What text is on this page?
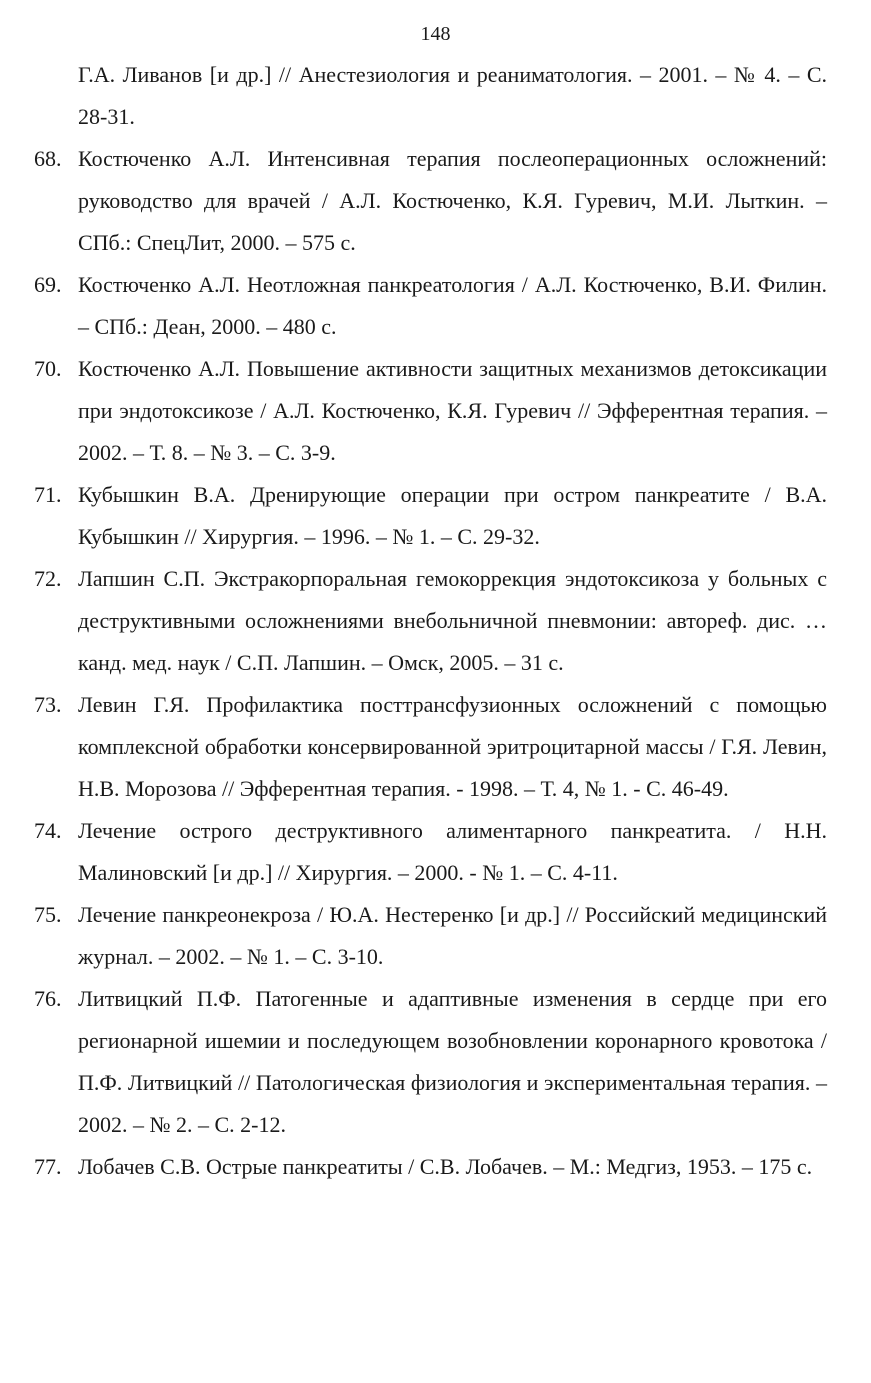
148
Г.А. Ливанов [и др.] // Анестезиология и реаниматология. – 2001. – № 4. – С. 28-31.
68. Костюченко А.Л. Интенсивная терапия послеоперационных осложнений: руководство для врачей / А.Л. Костюченко, К.Я. Гуревич, М.И. Лыткин. – СПб.: СпецЛит, 2000. – 575 с.
69. Костюченко А.Л. Неотложная панкреатология / А.Л. Костюченко, В.И. Филин. – СПб.: Деан, 2000. – 480 с.
70. Костюченко А.Л. Повышение активности защитных механизмов детоксикации при эндотоксикозе / А.Л. Костюченко, К.Я. Гуревич // Эфферентная терапия. – 2002. – Т. 8. – № 3. – С. 3-9.
71. Кубышкин В.А. Дренирующие операции при остром панкреатите / В.А. Кубышкин // Хирургия. – 1996. – № 1. – С. 29-32.
72. Лапшин С.П. Экстракорпоральная гемокоррекция эндотоксикоза у больных с деструктивными осложнениями внебольничной пневмонии: автореф. дис. … канд. мед. наук / С.П. Лапшин. – Омск, 2005. – 31 с.
73. Левин Г.Я. Профилактика посттрансфузионных осложнений с помощью комплексной обработки консервированной эритроцитарной массы / Г.Я. Левин, Н.В. Морозова // Эфферентная терапия. - 1998. – Т. 4, № 1. - С. 46-49.
74. Лечение острого деструктивного алиментарного панкреатита. / Н.Н. Малиновский [и др.] // Хирургия. – 2000. - № 1. – С. 4-11.
75. Лечение панкреонекроза / Ю.А. Нестеренко [и др.] // Российский медицинский журнал. – 2002. – № 1. – С. 3-10.
76. Литвицкий П.Ф. Патогенные и адаптивные изменения в сердце при его регионарной ишемии и последующем возобновлении коронарного кровотока / П.Ф. Литвицкий // Патологическая физиология и экспериментальная терапия. – 2002. – № 2. – С. 2-12.
77. Лобачев С.В. Острые панкреатиты / С.В. Лобачев. – М.: Медгиз, 1953. – 175 с.
